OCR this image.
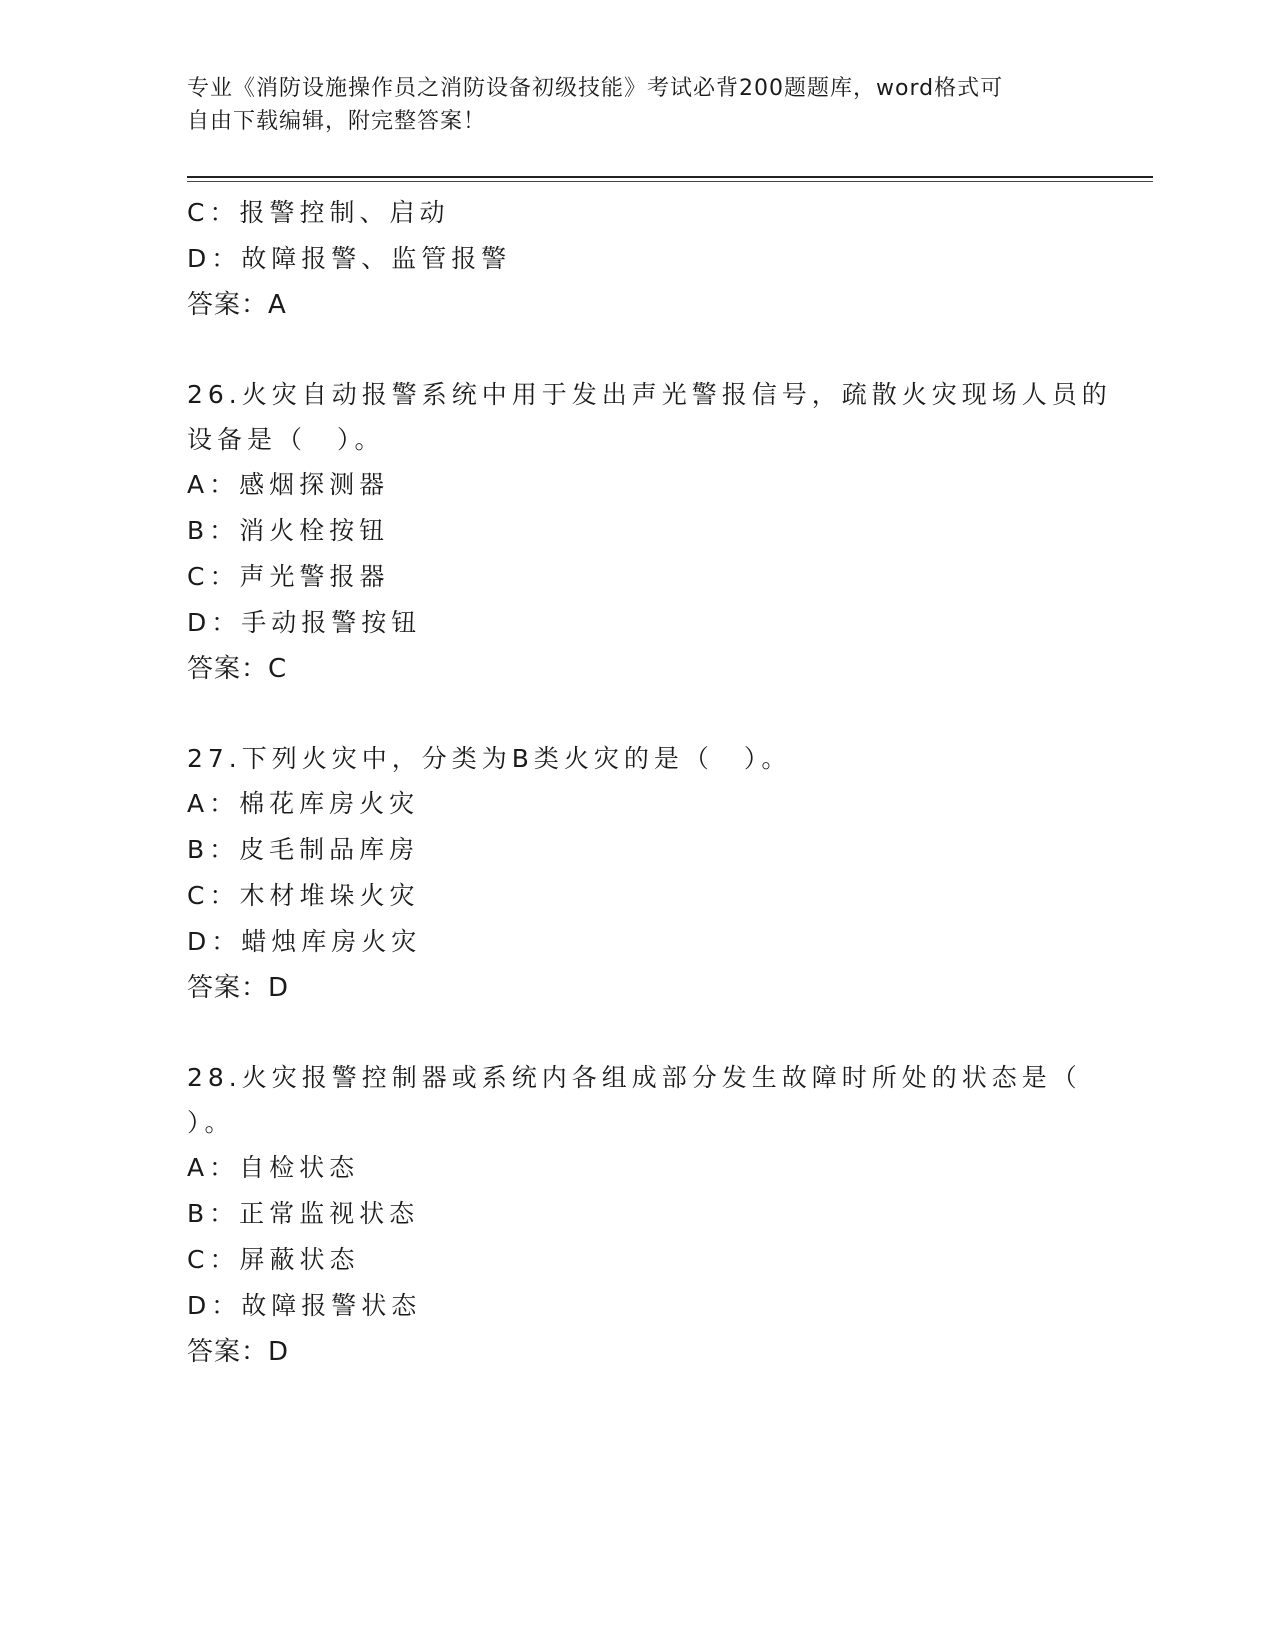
专业《消防设施操作员之消防设备初级技能》考试必背200题题库，word格式可
自由下载编辑，附完整答案！
C：报警控制、启动
D：故障报警、监管报警
答案：A
26.火灾自动报警系统中用于发出声光警报信号，疏散火灾现场人员的
设备是（　）。
A：感烟探测器
B：消火栓按钮
C：声光警报器
D：手动报警按钮
答案：C
27.下列火灾中，分类为B类火灾的是（　）。
A：棉花库房火灾
B：皮毛制品库房
C：木材堆垛火灾
D：蜡烛库房火灾
答案：D
28.火灾报警控制器或系统内各组成部分发生故障时所处的状态是（
）。
A：自检状态
B：正常监视状态
C：屏蔽状态
D：故障报警状态
答案：D
